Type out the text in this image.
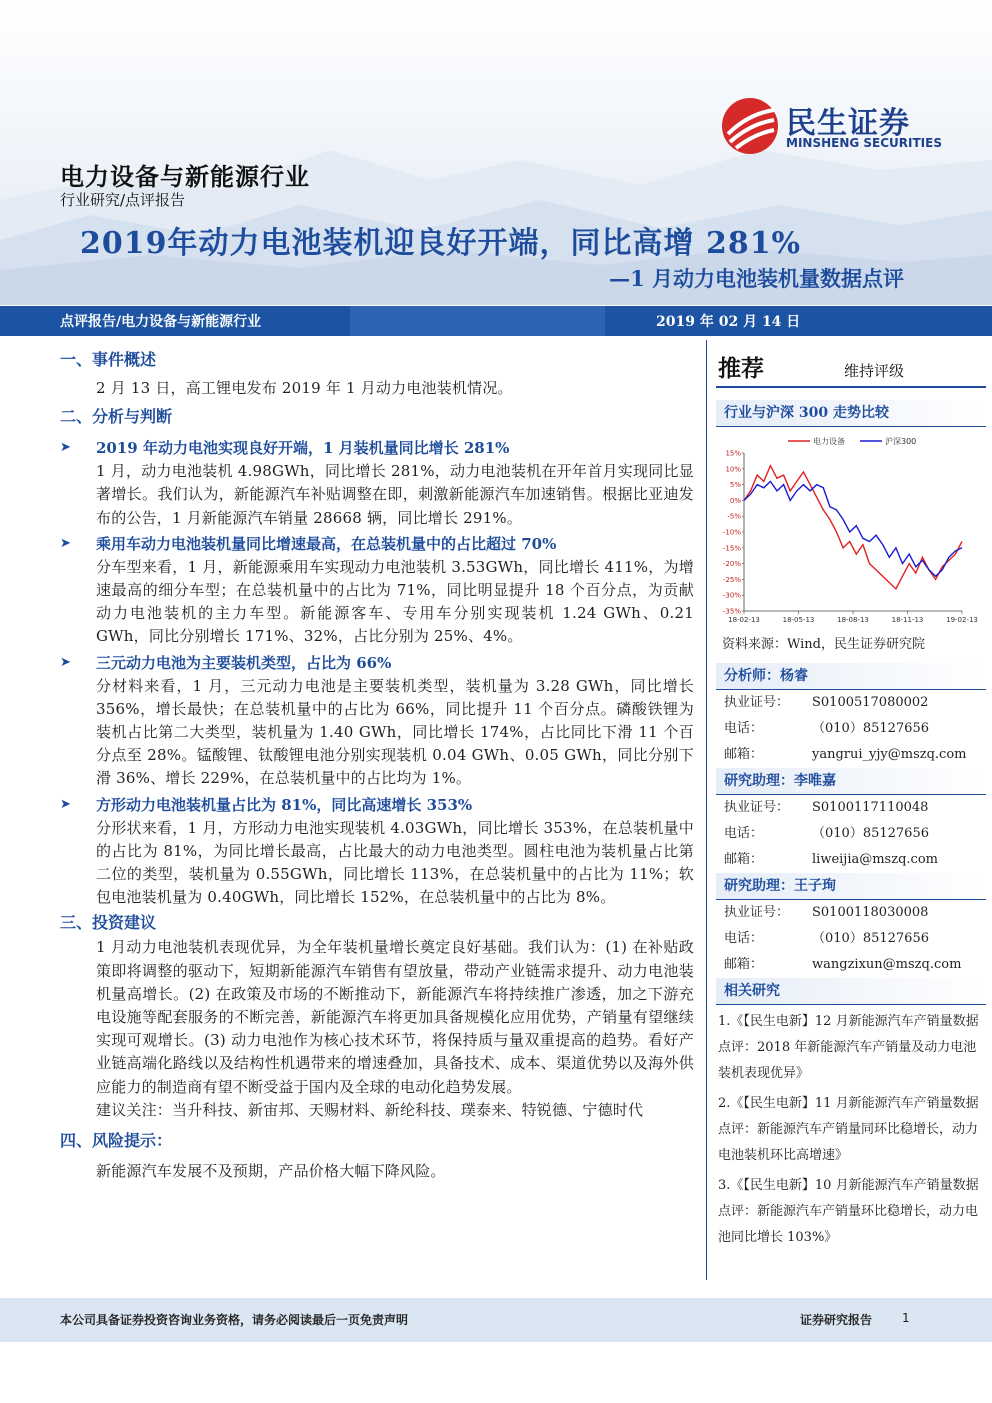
民生证券
MINSHENG SECURITIES
电力设备与新能源行业
行业研究/点评报告
2019年动力电池装机迎良好开端，同比高增 281%
—1 月动力电池装机量数据点评
点评报告/电力设备与新能源行业	2019 年 02 月 14 日
一、事件概述
2 月 13 日，高工锂电发布 2019 年 1 月动力电池装机情况。
二、分析与判断
➤ 2019 年动力电池实现良好开端，1 月装机量同比增长 281%
1 月，动力电池装机 4.98GWh，同比增长 281%，动力电池装机在开年首月实现同比显著增长。我们认为，新能源汽车补贴调整在即，刺激新能源汽车加速销售。根据比亚迪发布的公告，1 月新能源汽车销量 28668 辆，同比增长 291%。
➤ 乘用车动力电池装机量同比增速最高，在总装机量中的占比超过 70%
分车型来看，1 月，新能源乘用车实现动力电池装机 3.53GWh，同比增长 411%，为增速最高的细分车型；在总装机量中的占比为 71%，同比明显提升 18 个百分点，为贡献动力电池装机的主力车型。新能源客车、专用车分别实现装机 1.24 GWh、0.21 GWh，同比分别增长 171%、32%，占比分别为 25%、4%。
➤ 三元动力电池为主要装机类型，占比为 66%
分材料来看，1 月，三元动力电池是主要装机类型，装机量为 3.28 GWh，同比增长 356%，增长最快；在总装机量中的占比为 66%，同比提升 11 个百分点。磷酸铁锂为装机占比第二大类型，装机量为 1.40 GWh，同比增长 174%，占比同比下滑 11 个百分点至 28%。锰酸锂、钛酸锂电池分别实现装机 0.04 GWh、0.05 GWh，同比分别下滑 36%、增长 229%，在总装机量中的占比均为 1%。
➤ 方形动力电池装机量占比为 81%，同比高速增长 353%
分形状来看，1 月，方形动力电池实现装机 4.03GWh，同比增长 353%，在总装机量中的占比为 81%，为同比增长最高，占比最大的动力电池类型。圆柱电池为装机量占比第二位的类型，装机量为 0.55GWh，同比增长 113%，在总装机量中的占比为 11%；软包电池装机量为 0.40GWh，同比增长 152%，在总装机量中的占比为 8%。
三、投资建议
1 月动力电池装机表现优异，为全年装机量增长奠定良好基础。我们认为：(1) 在补贴政策即将调整的驱动下，短期新能源汽车销售有望放量，带动产业链需求提升、动力电池装机量高增长。(2) 在政策及市场的不断推动下，新能源汽车将持续推广渗透，加之下游充电设施等配套服务的不断完善，新能源汽车将更加具备规模化应用优势，产销量有望继续实现可观增长。(3) 动力电池作为核心技术环节，将保持质与量双重提高的趋势。看好产业链高端化路线以及结构性机遇带来的增速叠加，具备技术、成本、渠道优势以及海外供应能力的制造商有望不断受益于国内及全球的电动化趋势发展。
建议关注：当升科技、新宙邦、天赐材料、新纶科技、璞泰来、特锐德、宁德时代
四、风险提示：
新能源汽车发展不及预期，产品价格大幅下降风险。
推荐	维持评级
行业与沪深 300 走势比较
15%
10%
5%
0%
-5%
-10%
-15%
-20%
-25%
-30%
-35%
18-02-13	18-05-13	18-08-13	18-11-13	19-02-13
电力设备	沪深300
资料来源：Wind，民生证券研究院
分析师：杨睿
执业证号： S0100517080002
电话：	（010）85127656
邮箱：	yangrui_yjy@mszq.com
研究助理：李唯嘉
执业证号： S0100117110048
电话：	（010）85127656
邮箱：	liweijia@mszq.com
研究助理：王子珣
执业证号： S0100118030008
电话：	（010）85127656
邮箱：	wangzixun@mszq.com
相关研究
1.《【民生电新】12 月新能源汽车产销量数据点评：2018 年新能源汽车产销量及动力电池装机表现优异》
2.《【民生电新】11 月新能源汽车产销量数据点评：新能源汽车产销量同环比稳增长，动力电池装机环比高增速》
3.《【民生电新】10 月新能源汽车产销量数据点评：新能源汽车产销量环比稳增长，动力电池同比增长 103%》
本公司具备证券投资咨询业务资格，请务必阅读最后一页免责声明	证券研究报告 1
